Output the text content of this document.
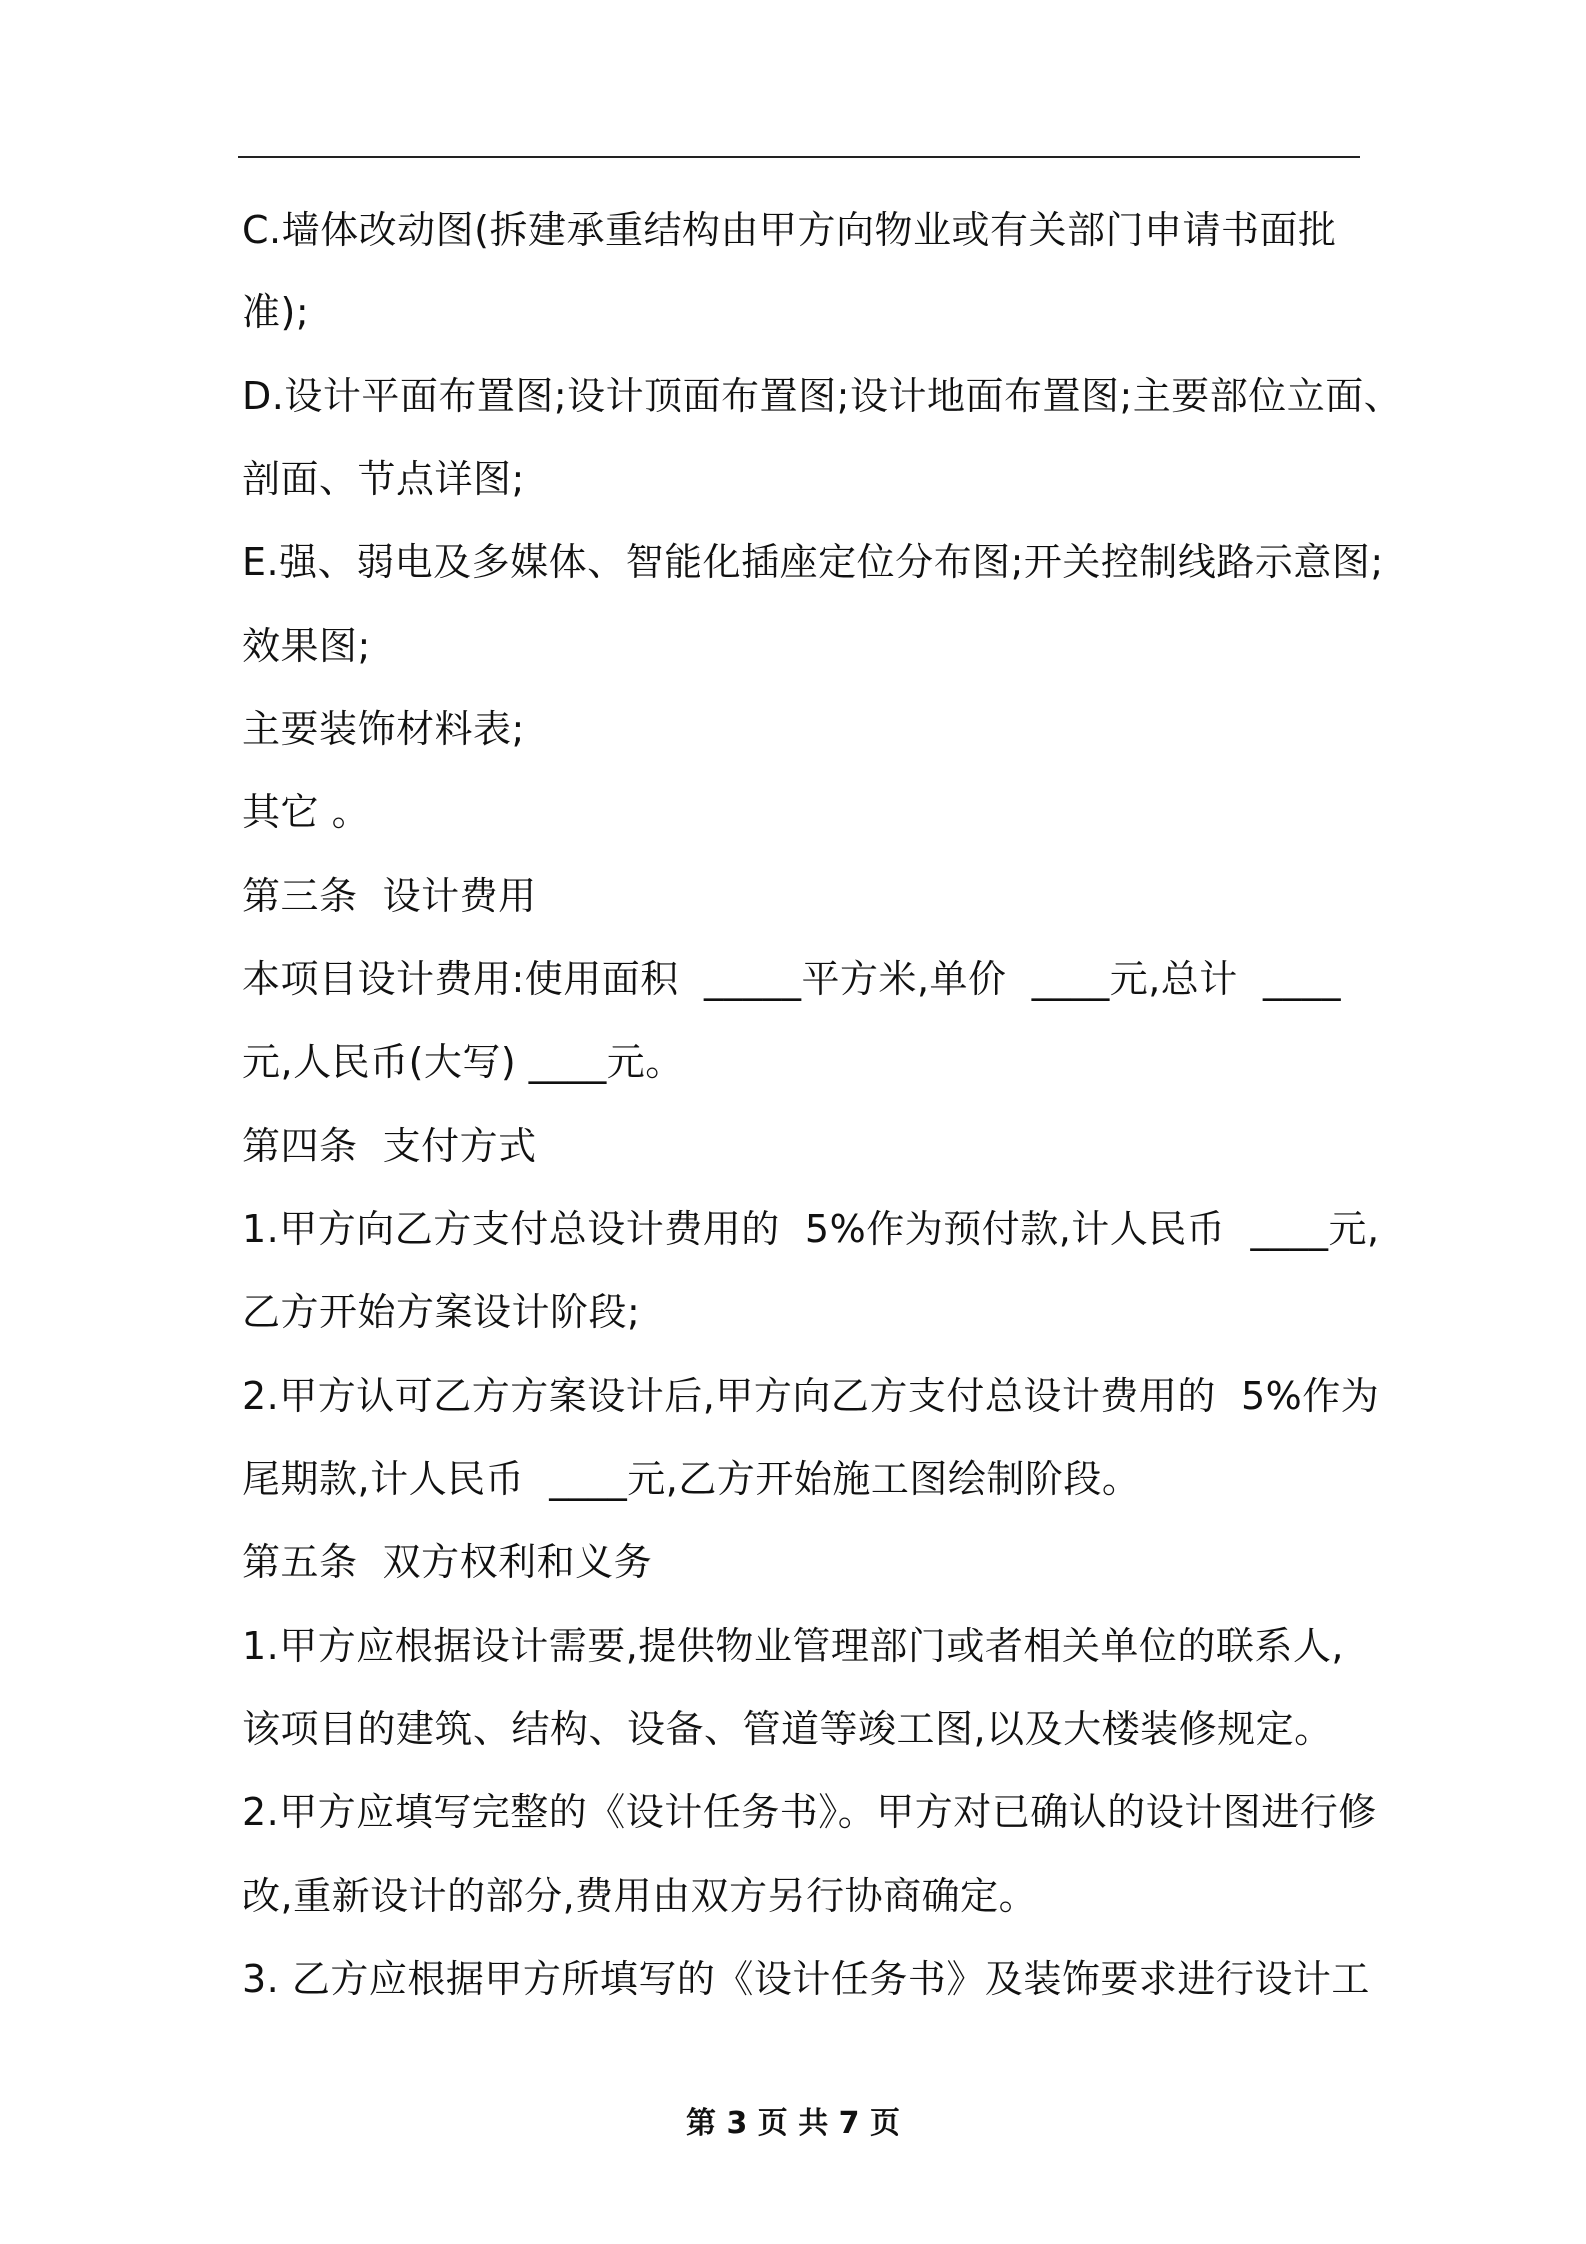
C.墙体改动图(拆建承重结构由甲方向物业或有关部门申请书面批
准);
D.设计平面布置图;设计顶面布置图;设计地面布置图;主要部位立面、
剖面、节点详图;
E.强、弱电及多媒体、智能化插座定位分布图;开关控制线路示意图;
效果图;
主要装饰材料表;
其它 。
第三条  设计费用
本项目设计费用:使用面积  _____平方米,单价  ____元,总计  ____
元,人民币(大写) ____元。
第四条  支付方式
1.甲方向乙方支付总设计费用的  5%作为预付款,计人民币  ____元,
乙方开始方案设计阶段;
2.甲方认可乙方方案设计后,甲方向乙方支付总设计费用的  5%作为
尾期款,计人民币  ____元,乙方开始施工图绘制阶段。
第五条  双方权利和义务
1.甲方应根据设计需要,提供物业管理部门或者相关单位的联系人,
该项目的建筑、结构、设备、管道等竣工图,以及大楼装修规定。
2.甲方应填写完整的《设计任务书》。甲方对已确认的设计图进行修
改,重新设计的部分,费用由双方另行协商确定。
3. 乙方应根据甲方所填写的《设计任务书》及装饰要求进行设计工
第 3 页 共 7 页
